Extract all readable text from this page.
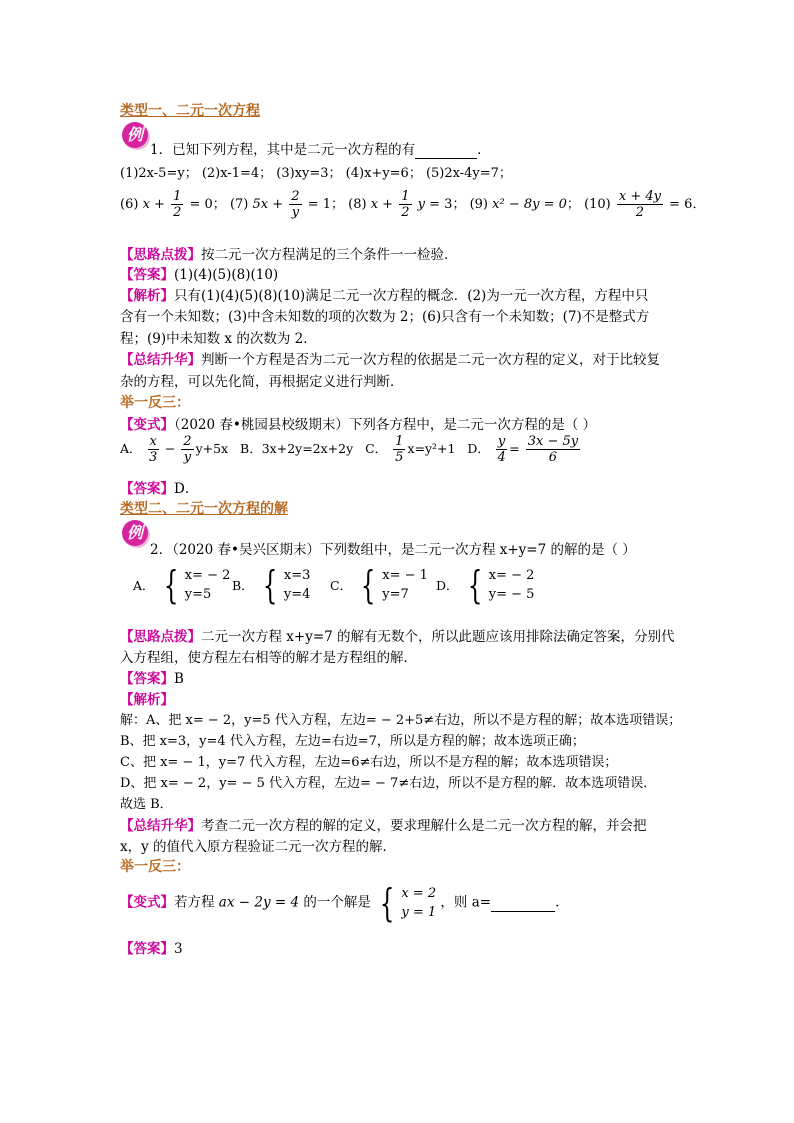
类型一、二元一次方程
例
1．已知下列方程，其中是二元一次方程的有	．
(1)2x-5=y； (2)x-1=4； (3)xy=3； (4)x+y=6； (5)2x-4y=7；
(6) $x + \frac{1}{2} = 0$； (7) $5x + \frac{2}{y} = 1$； (8) $x + \frac{1}{2}$ y = 3； (9) x² − 8y = 0； $(10) \frac{x + 4y}{2} = 6$．
【思路点拨】按二元一次方程满足的三个条件一一检验．
【答案】(1)(4)(5)(8)(10)
【解析】只有(1)(4)(5)(8)(10)满足二元一次方程的概念．(2)为一元一次方程，方程中只
含有一个未知数；(3)中含未知数的项的次数为 2；(6)只含有一个未知数；(7)不是整式方
程；(9)中未知数 x 的次数为 2．
【总结升华】判断一个方程是否为二元一次方程的依据是二元一次方程的定义，对于比较复
杂的方程，可以先化简，再根据定义进行判断．
举一反三：
【变式】（2020 春•桃园县校级期末）下列各方程中，是二元一次方程的是（ ）
A． $\frac{x}{3} - \frac{2}{y} y+5x$ B．3x+2y=2x+2y C． $\frac{1}{5} x=y^2+1$ D． $\frac{y}{4} = \frac{3x - 5y}{6}$
【答案】D．
类型二、二元一次方程的解
例
2．（2020 春•吴兴区期末）下列数组中，是二元一次方程 x+y=7 的解的是（ ）
A． { x= − 2
y=5
B． { x=3
y=4
C． { x= − 1
y=7
D． { x= − 2
y= − 5
【思路点拨】二元一次方程 x+y=7 的解有无数个，所以此题应该用排除法确定答案，分别代
入方程组，使方程左右相等的解才是方程组的解．
【答案】B
【解析】
解：A、把 x= − 2，y=5 代入方程，左边= − 2+5≠右边，所以不是方程的解；故本选项错误；
B、把 x=3，y=4 代入方程，左边=右边=7，所以是方程的解；故本选项正确；
C、把 x= − 1，y=7 代入方程，左边=6≠右边，所以不是方程的解；故本选项错误；
D、把 x= − 2，y= − 5 代入方程，左边= − 7≠右边，所以不是方程的解．故本选项错误．
故选 B．
【总结升华】考查二元一次方程的解的定义，要求理解什么是二元一次方程的解，并会把
x，y 的值代入原方程验证二元一次方程的解．
举一反三：
【变式】若方程 ax − 2y = 4 的一个解是 { x = 2
y = 1
，则 a=	．
【答案】3
